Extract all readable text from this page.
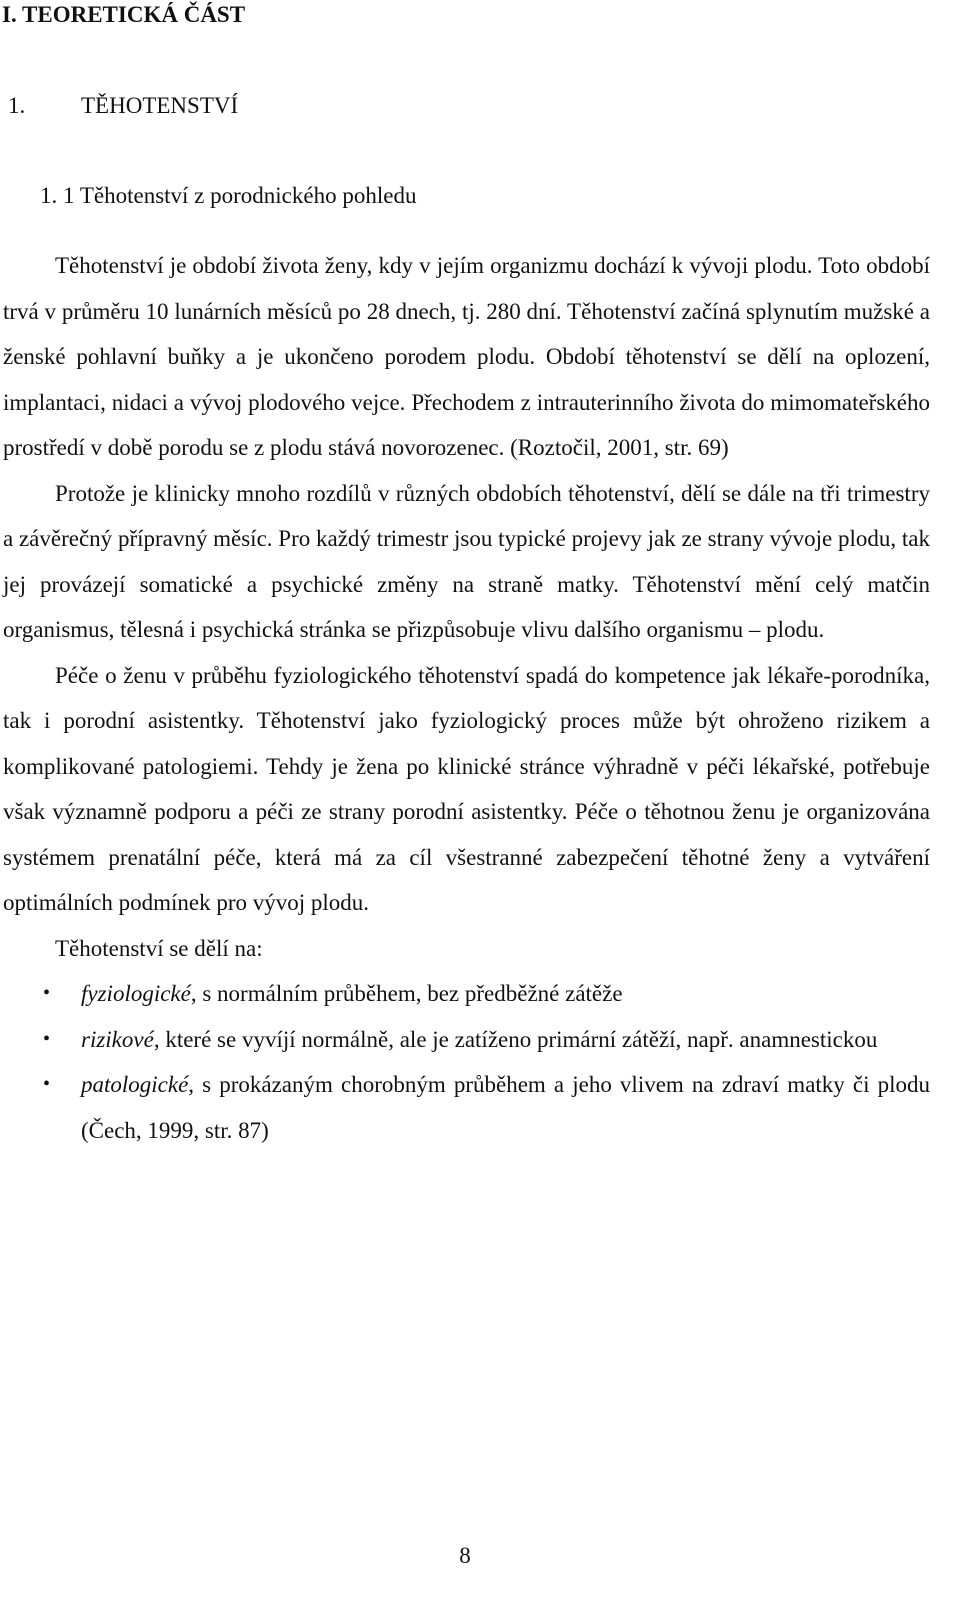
I. TEORETICKÁ ČÁST
1. TĚHOTENSTVÍ
1. 1 Těhotenství z porodnického pohledu

Těhotenství je období života ženy, kdy v jejím organizmu dochází k vývoji plodu. Toto období trvá v průměru 10 lunárních měsíců po 28 dnech, tj. 280 dní. Těhotenství začíná splynutím mužské a ženské pohlavní buňky a je ukončeno porodem plodu. Období těhotenství se dělí na oplození, implantaci, nidaci a vývoj plodového vejce. Přechodem z intrauterinního života do mimomateřského prostředí v době porodu se z plodu stává novorozenec. (Roztočil, 2001, str. 69)

Protože je klinicky mnoho rozdílů v různých obdobích těhotenství, dělí se dále na tři trimestry a závěrečný přípravný měsíc. Pro každý trimestr jsou typické projevy jak ze strany vývoje plodu, tak jej provázejí somatické a psychické změny na straně matky. Těhotenství mění celý matčin organismus, tělesná i psychická stránka se přizpůsobuje vlivu dalšího organismu – plodu.

Péče o ženu v průběhu fyziologického těhotenství spadá do kompetence jak lékaře-porodníka, tak i porodní asistentky. Těhotenství jako fyziologický proces může být ohroženo rizikem a komplikované patologiemi. Tehdy je žena po klinické stránce výhradně v péči lékařské, potřebuje však významně podporu a péči ze strany porodní asistentky. Péče o těhotnou ženu je organizována systémem prenatální péče, která má za cíl všestranné zabezpečení těhotné ženy a vytváření optimálních podmínek pro vývoj plodu.

Těhotenství se dělí na:

• fyziologické, s normálním průběhem, bez předběžné zátěže
• rizikové, které se vyvíjí normálně, ale je zatíženo primární zátěží, např. anamnestickou
• patologické, s prokázaným chorobným průběhem a jeho vlivem na zdraví matky či plodu (Čech, 1999, str. 87)
8
